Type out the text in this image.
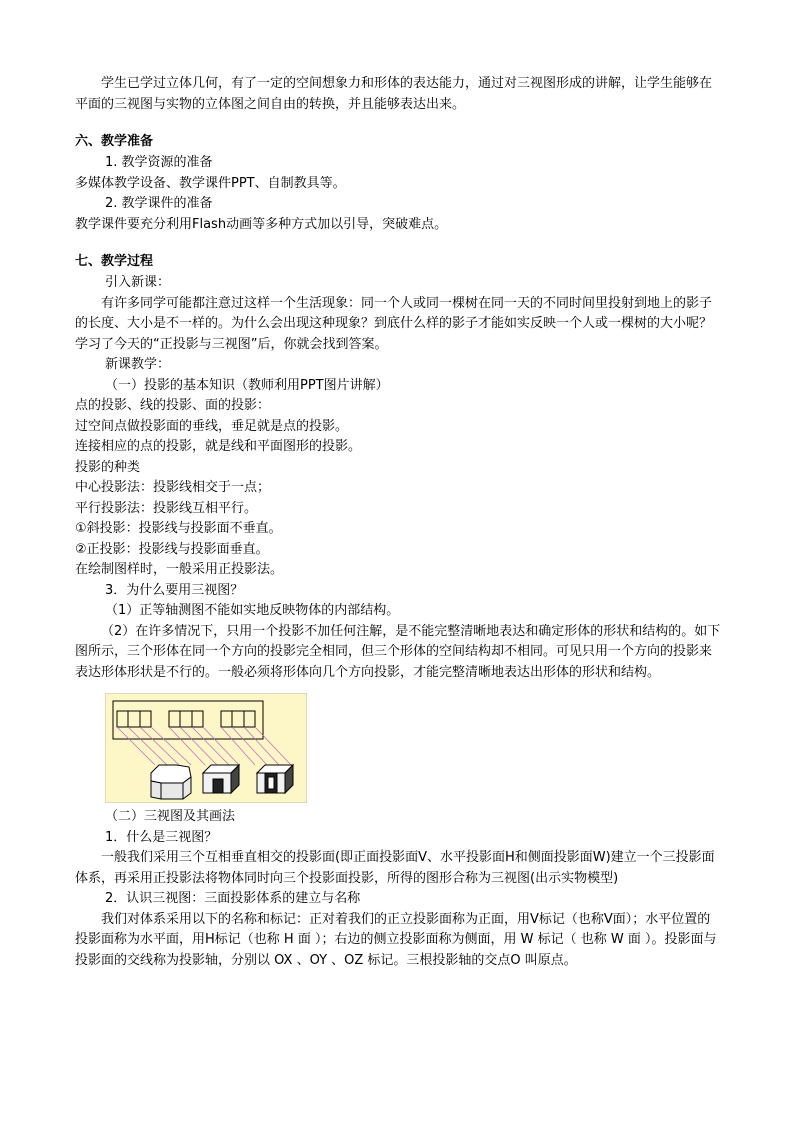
学生已学过立体几何，有了一定的空间想象力和形体的表达能力，通过对三视图形成的讲解，让学生能够在平面的三视图与实物的立体图之间自由的转换，并且能够表达出来。

六、教学准备

1. 教学资源的准备

多媒体教学设备、教学课件PPT、自制教具等。

2. 教学课件的准备

教学课件要充分利用Flash动画等多种方式加以引导，突破难点。

七、教学过程

引入新课：

有许多同学可能都注意过这样一个生活现象：同一个人或同一棵树在同一天的不同时间里投射到地上的影子的长度、大小是不一样的。为什么会出现这种现象？到底什么样的影子才能如实反映一个人或一棵树的大小呢？学习了今天的“正投影与三视图”后，你就会找到答案。

新课教学：

（一）投影的基本知识（教师利用PPT图片讲解）

点的投影、线的投影、面的投影：

过空间点做投影面的垂线，垂足就是点的投影。

连接相应的点的投影，就是线和平面图形的投影。

投影的种类

中心投影法：投影线相交于一点；

平行投影法：投影线互相平行。

①斜投影：投影线与投影面不垂直。

②正投影：投影线与投影面垂直。

在绘制图样时，一般采用正投影法。

3．为什么要用三视图？

（1）正等轴测图不能如实地反映物体的内部结构。

（2）在许多情况下，只用一个投影不加任何注解，是不能完整清晰地表达和确定形体的形状和结构的。如下图所示，三个形体在同一个方向的投影完全相同，但三个形体的空间结构却不相同。可见只用一个方向的投影来表达形体形状是不行的。一般必须将形体向几个方向投影，才能完整清晰地表达出形体的形状和结构。

（二）三视图及其画法

1．什么是三视图？

一般我们采用三个互相垂直相交的投影面(即正面投影面V、水平投影面H和侧面投影面W)建立一个三投影面体系，再采用正投影法将物体同时向三个投影面投影，所得的图形合称为三视图(出示实物模型)

2．认识三视图：三面投影体系的建立与名称

我们对体系采用以下的名称和标记：正对着我们的正立投影面称为正面，用V标记（也称V面）；水平位置的投影面称为水平面，用H标记（也称 H 面 ）；右边的侧立投影面称为侧面，用 W 标记（ 也称 W 面 ）。投影面与投影面的交线称为投影轴，分别以 OX 、OY 、OZ 标记。三根投影轴的交点O 叫原点。
